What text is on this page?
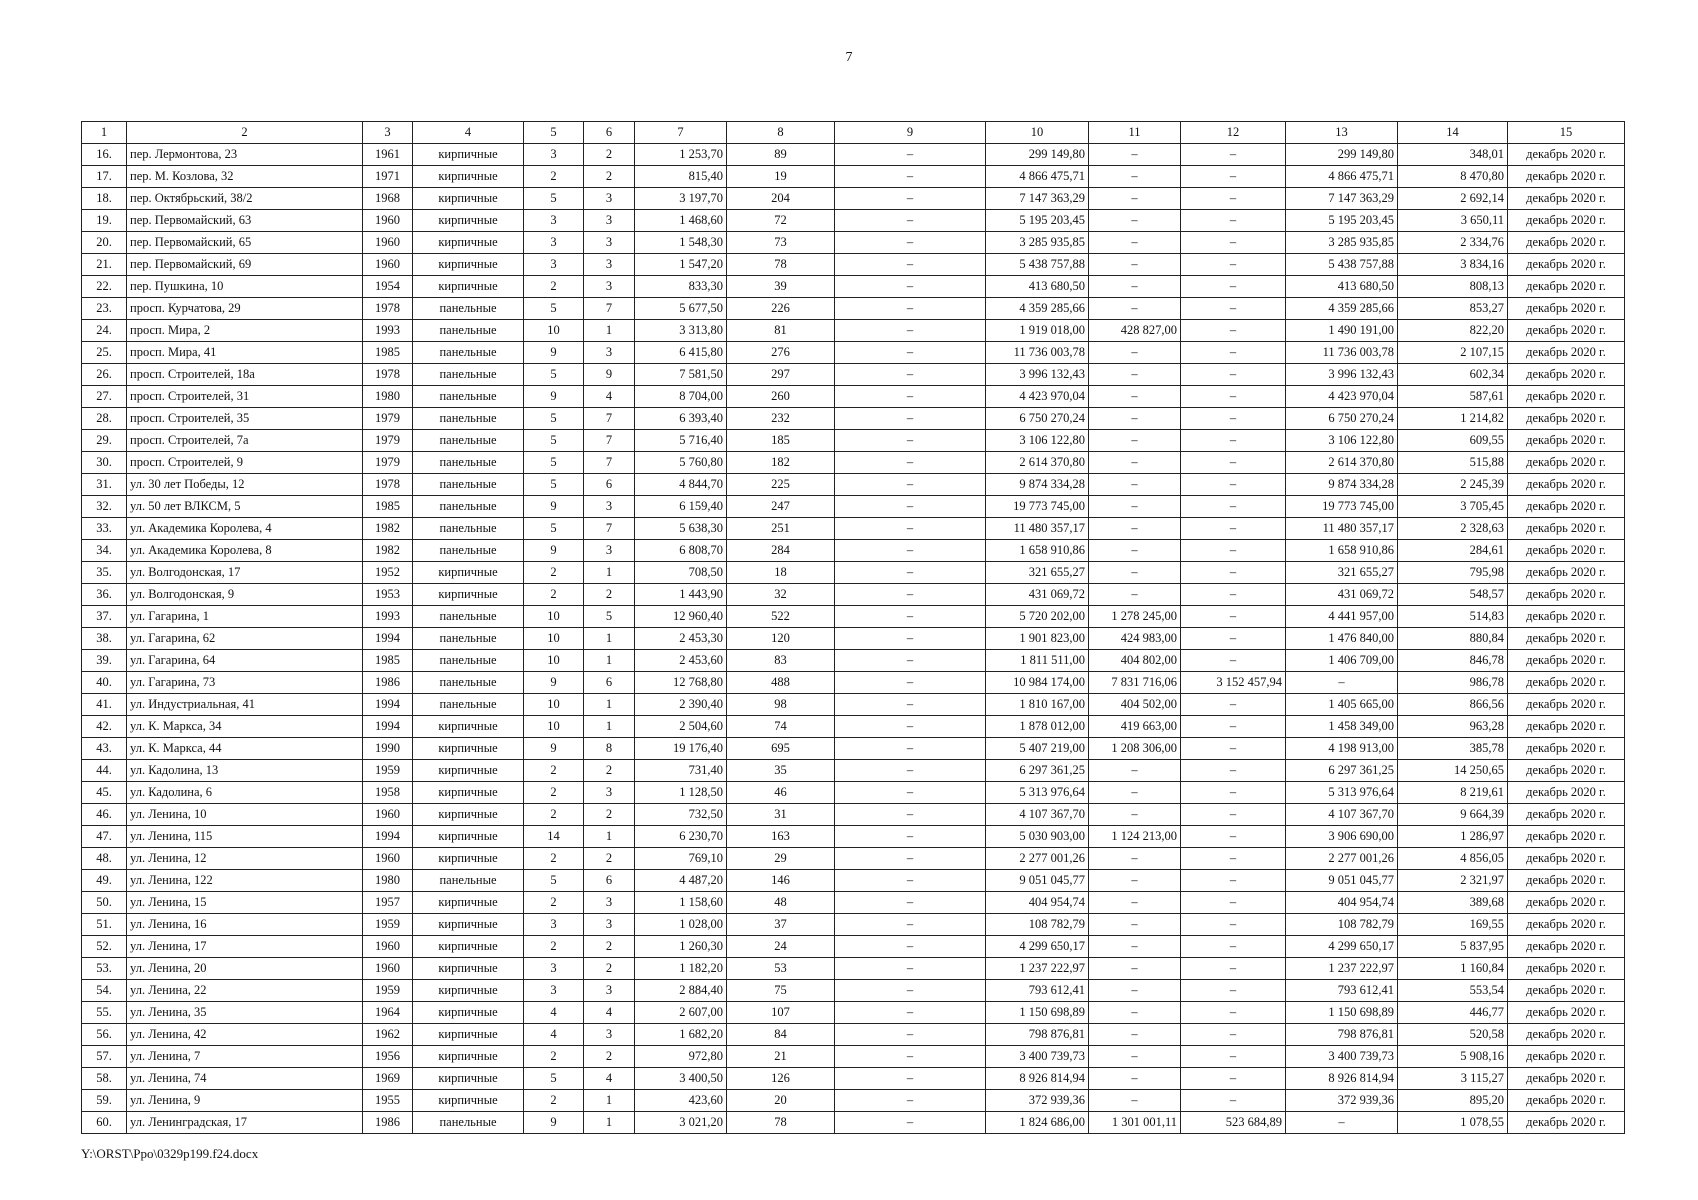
7
1	2	3	4	5	6	7	8	9	10	11	12	13	14	15
16.	пер. Лермонтова, 23	1961	кирпичные	3	2	1 253,70	89	–	299 149,80	–	–	299 149,80	348,01	декабрь 2020 г.
17.	пер. М. Козлова, 32	1971	кирпичные	2	2	815,40	19	–	4 866 475,71	–	–	4 866 475,71	8 470,80	декабрь 2020 г.
18.	пер. Октябрьский, 38/2	1968	кирпичные	5	3	3 197,70	204	–	7 147 363,29	–	–	7 147 363,29	2 692,14	декабрь 2020 г.
19.	пер. Первомайский, 63	1960	кирпичные	3	3	1 468,60	72	–	5 195 203,45	–	–	5 195 203,45	3 650,11	декабрь 2020 г.
20.	пер. Первомайский, 65	1960	кирпичные	3	3	1 548,30	73	–	3 285 935,85	–	–	3 285 935,85	2 334,76	декабрь 2020 г.
21.	пер. Первомайский, 69	1960	кирпичные	3	3	1 547,20	78	–	5 438 757,88	–	–	5 438 757,88	3 834,16	декабрь 2020 г.
22.	пер. Пушкина, 10	1954	кирпичные	2	3	833,30	39	–	413 680,50	–	–	413 680,50	808,13	декабрь 2020 г.
23.	просп. Курчатова, 29	1978	панельные	5	7	5 677,50	226	–	4 359 285,66	–	–	4 359 285,66	853,27	декабрь 2020 г.
24.	просп. Мира, 2	1993	панельные	10	1	3 313,80	81	–	1 919 018,00	428 827,00	–	1 490 191,00	822,20	декабрь 2020 г.
25.	просп. Мира, 41	1985	панельные	9	3	6 415,80	276	–	11 736 003,78	–	–	11 736 003,78	2 107,15	декабрь 2020 г.
26.	просп. Строителей, 18а	1978	панельные	5	9	7 581,50	297	–	3 996 132,43	–	–	3 996 132,43	602,34	декабрь 2020 г.
27.	просп. Строителей, 31	1980	панельные	9	4	8 704,00	260	–	4 423 970,04	–	–	4 423 970,04	587,61	декабрь 2020 г.
28.	просп. Строителей, 35	1979	панельные	5	7	6 393,40	232	–	6 750 270,24	–	–	6 750 270,24	1 214,82	декабрь 2020 г.
29.	просп. Строителей, 7а	1979	панельные	5	7	5 716,40	185	–	3 106 122,80	–	–	3 106 122,80	609,55	декабрь 2020 г.
30.	просп. Строителей, 9	1979	панельные	5	7	5 760,80	182	–	2 614 370,80	–	–	2 614 370,80	515,88	декабрь 2020 г.
31.	ул. 30 лет Победы, 12	1978	панельные	5	6	4 844,70	225	–	9 874 334,28	–	–	9 874 334,28	2 245,39	декабрь 2020 г.
32.	ул. 50 лет ВЛКСМ, 5	1985	панельные	9	3	6 159,40	247	–	19 773 745,00	–	–	19 773 745,00	3 705,45	декабрь 2020 г.
33.	ул. Академика Королева, 4	1982	панельные	5	7	5 638,30	251	–	11 480 357,17	–	–	11 480 357,17	2 328,63	декабрь 2020 г.
34.	ул. Академика Королева, 8	1982	панельные	9	3	6 808,70	284	–	1 658 910,86	–	–	1 658 910,86	284,61	декабрь 2020 г.
35.	ул. Волгодонская, 17	1952	кирпичные	2	1	708,50	18	–	321 655,27	–	–	321 655,27	795,98	декабрь 2020 г.
36.	ул. Волгодонская, 9	1953	кирпичные	2	2	1 443,90	32	–	431 069,72	–	–	431 069,72	548,57	декабрь 2020 г.
37.	ул. Гагарина, 1	1993	панельные	10	5	12 960,40	522	–	5 720 202,00	1 278 245,00	–	4 441 957,00	514,83	декабрь 2020 г.
38.	ул. Гагарина, 62	1994	панельные	10	1	2 453,30	120	–	1 901 823,00	424 983,00	–	1 476 840,00	880,84	декабрь 2020 г.
39.	ул. Гагарина, 64	1985	панельные	10	1	2 453,60	83	–	1 811 511,00	404 802,00	–	1 406 709,00	846,78	декабрь 2020 г.
40.	ул. Гагарина, 73	1986	панельные	9	6	12 768,80	488	–	10 984 174,00	7 831 716,06	3 152 457,94	–	986,78	декабрь 2020 г.
41.	ул. Индустриальная, 41	1994	панельные	10	1	2 390,40	98	–	1 810 167,00	404 502,00	–	1 405 665,00	866,56	декабрь 2020 г.
42.	ул. К. Маркса, 34	1994	кирпичные	10	1	2 504,60	74	–	1 878 012,00	419 663,00	–	1 458 349,00	963,28	декабрь 2020 г.
43.	ул. К. Маркса, 44	1990	кирпичные	9	8	19 176,40	695	–	5 407 219,00	1 208 306,00	–	4 198 913,00	385,78	декабрь 2020 г.
44.	ул. Кадолина, 13	1959	кирпичные	2	2	731,40	35	–	6 297 361,25	–	–	6 297 361,25	14 250,65	декабрь 2020 г.
45.	ул. Кадолина, 6	1958	кирпичные	2	3	1 128,50	46	–	5 313 976,64	–	–	5 313 976,64	8 219,61	декабрь 2020 г.
46.	ул. Ленина, 10	1960	кирпичные	2	2	732,50	31	–	4 107 367,70	–	–	4 107 367,70	9 664,39	декабрь 2020 г.
47.	ул. Ленина, 115	1994	кирпичные	14	1	6 230,70	163	–	5 030 903,00	1 124 213,00	–	3 906 690,00	1 286,97	декабрь 2020 г.
48.	ул. Ленина, 12	1960	кирпичные	2	2	769,10	29	–	2 277 001,26	–	–	2 277 001,26	4 856,05	декабрь 2020 г.
49.	ул. Ленина, 122	1980	панельные	5	6	4 487,20	146	–	9 051 045,77	–	–	9 051 045,77	2 321,97	декабрь 2020 г.
50.	ул. Ленина, 15	1957	кирпичные	2	3	1 158,60	48	–	404 954,74	–	–	404 954,74	389,68	декабрь 2020 г.
51.	ул. Ленина, 16	1959	кирпичные	3	3	1 028,00	37	–	108 782,79	–	–	108 782,79	169,55	декабрь 2020 г.
52.	ул. Ленина, 17	1960	кирпичные	2	2	1 260,30	24	–	4 299 650,17	–	–	4 299 650,17	5 837,95	декабрь 2020 г.
53.	ул. Ленина, 20	1960	кирпичные	3	2	1 182,20	53	–	1 237 222,97	–	–	1 237 222,97	1 160,84	декабрь 2020 г.
54.	ул. Ленина, 22	1959	кирпичные	3	3	2 884,40	75	–	793 612,41	–	–	793 612,41	553,54	декабрь 2020 г.
55.	ул. Ленина, 35	1964	кирпичные	4	4	2 607,00	107	–	1 150 698,89	–	–	1 150 698,89	446,77	декабрь 2020 г.
56.	ул. Ленина, 42	1962	кирпичные	4	3	1 682,20	84	–	798 876,81	–	–	798 876,81	520,58	декабрь 2020 г.
57.	ул. Ленина, 7	1956	кирпичные	2	2	972,80	21	–	3 400 739,73	–	–	3 400 739,73	5 908,16	декабрь 2020 г.
58.	ул. Ленина, 74	1969	кирпичные	5	4	3 400,50	126	–	8 926 814,94	–	–	8 926 814,94	3 115,27	декабрь 2020 г.
59.	ул. Ленина, 9	1955	кирпичные	2	1	423,60	20	–	372 939,36	–	–	372 939,36	895,20	декабрь 2020 г.
60.	ул. Ленинградская, 17	1986	панельные	9	1	3 021,20	78	–	1 824 686,00	1 301 001,11	523 684,89	–	1 078,55	декабрь 2020 г.
Y:\ORST\Ppo\0329p199.f24.docx
